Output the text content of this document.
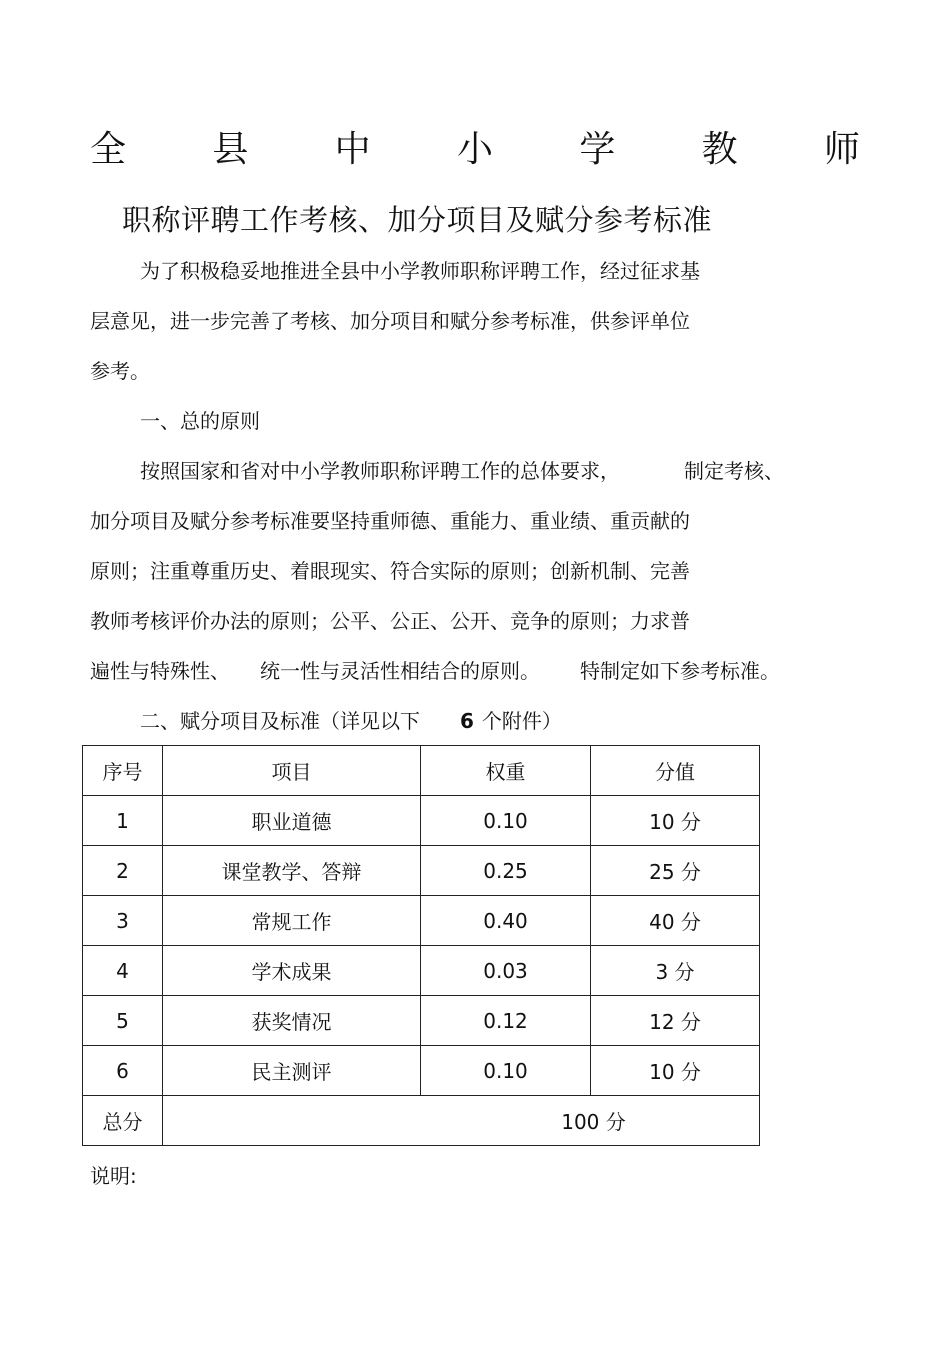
全 县 中 小 学 教 师
职称评聘工作考核、加分项目及赋分参考标准
为了积极稳妥地推进全县中小学教师职称评聘工作，经过征求基
层意见，进一步完善了考核、加分项目和赋分参考标准，供参评单位
参考。
一、总的原则
按照国家和省对中小学教师职称评聘工作的总体要求，	制定考核、
加分项目及赋分参考标准要坚持重师德、重能力、重业绩、重贡献的
原则；注重尊重历史、着眼现实、符合实际的原则；创新机制、完善
教师考核评价办法的原则；公平、公正、公开、竞争的原则；力求普
遍性与特殊性、 统一性与灵活性相结合的原则。 特制定如下参考标准。
二、赋分项目及标准（详见以下 6 个附件）
序号	项目	权重	分值
1	职业道德	0.10	10 分
2	课堂教学、答辩	0.25	25 分
3	常规工作	0.40	40 分
4	学术成果	0.03	3 分
5	获奖情况	0.12	12 分
6	民主测评	0.10	10 分
总分	100 分		
说明:
